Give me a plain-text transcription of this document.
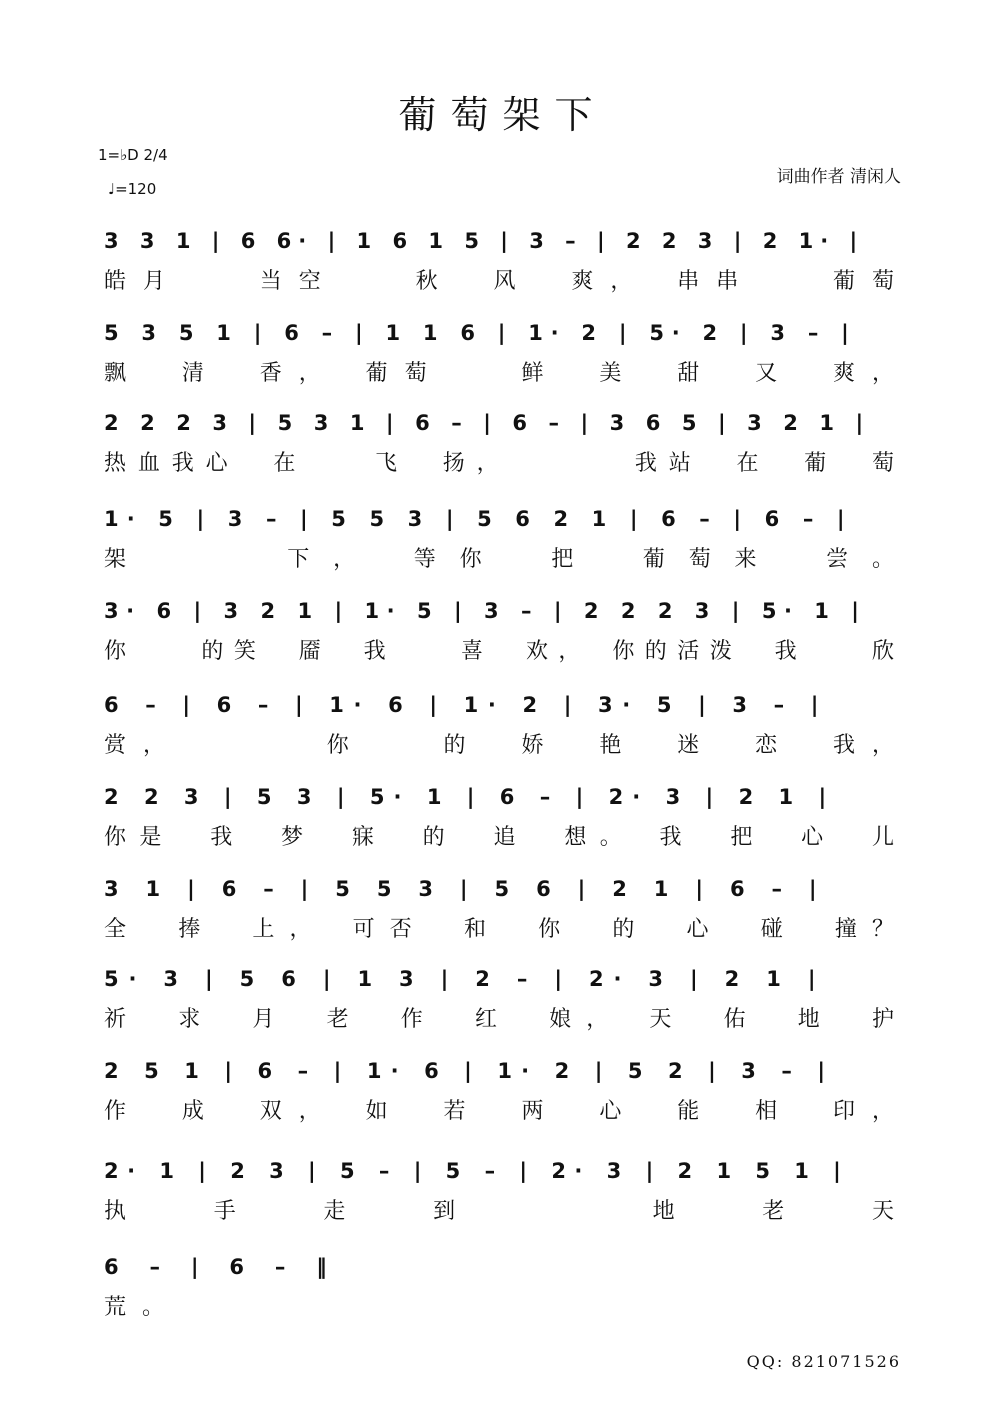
葡萄架下
1=♭D 2/4
♩=120
词曲作者 清闲人
QQ: 821071526
3 3 1 | 6 6· | 1 6 1 5 | 3 – | 2 2 3 | 2 1· |
皓月　　当空　　秋　风　爽，　串串　　葡萄
5 3 5 1 | 6 – | 1 1 6 | 1· 2 | 5· 2 | 3 – |
飘　清　香，　葡萄　　鲜　美　甜　又　爽，
2 2 2 3 | 5 3 1 | 6 – | 6 – | 3 6 5 | 3 2 1 |
热血我心　在　　飞　扬，　　　　我站　在　葡　萄
1· 5 | 3 – | 5 5 3 | 5 6 2 1 | 6 – | 6 – |
架　　　下，　等你　把　葡萄来　尝。
3· 6 | 3 2 1 | 1· 5 | 3 – | 2 2 2 3 | 5· 1 |
你　　的笑　靥　我　　喜　欢，　你的活泼　我　　欣
6 – | 6 – | 1· 6 | 1· 2 | 3· 5 | 3 – |
赏，　　　　你　　的　娇　艳　迷　恋　我，
2 2 3 | 5 3 | 5· 1 | 6 – | 2· 3 | 2 1 |
你是　我　梦　寐　的　追　想。　我　把　心　儿
3 1 | 6 – | 5 5 3 | 5 6 | 2 1 | 6 – |
全　捧　上，　可否　和　你　的　心　碰　撞？
5· 3 | 5 6 | 1 3 | 2 – | 2· 3 | 2 1 |
祈　求　月　老　作　红　娘，　天　佑　地　护
2 5 1 | 6 – | 1· 6 | 1· 2 | 5 2 | 3 – |
作　成　双，　如　若　两　心　能　相　印，
2· 1 | 2 3 | 5 – | 5 – | 2· 3 | 2 1 5 1 |
执　手　走　到　　　地　老　天
6 – | 6 – ‖
荒。
